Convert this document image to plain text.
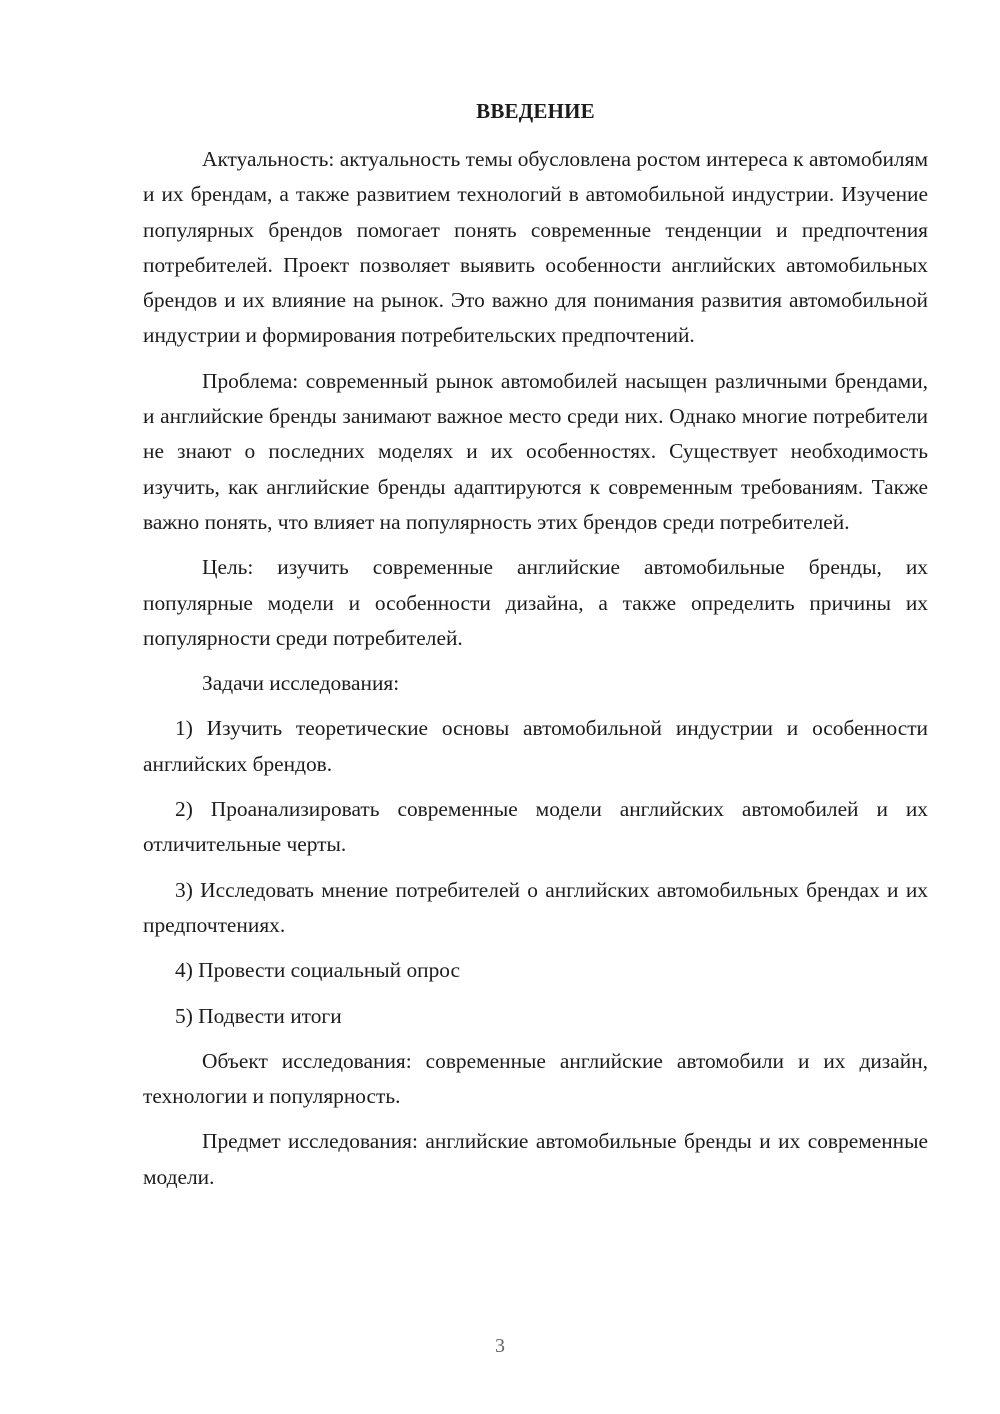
ВВЕДЕНИЕ

Актуальность: актуальность темы обусловлена ростом интереса к автомобилям и их брендам, а также развитием технологий в автомобильной индустрии. Изучение популярных брендов помогает понять современные тенденции и предпочтения потребителей. Проект позволяет выявить особенности английских автомобильных брендов и их влияние на рынок. Это важно для понимания развития автомобильной индустрии и формирования потребительских предпочтений.

Проблема: современный рынок автомобилей насыщен различными брендами, и английские бренды занимают важное место среди них. Однако многие потребители не знают о последних моделях и их особенностях. Существует необходимость изучить, как английские бренды адаптируются к современным требованиям. Также важно понять, что влияет на популярность этих брендов среди потребителей.

Цель: изучить современные английские автомобильные бренды, их популярные модели и особенности дизайна, а также определить причины их популярности среди потребителей.

Задачи исследования:

1) Изучить теоретические основы автомобильной индустрии и особенности английских брендов.

2) Проанализировать современные модели английских автомобилей и их отличительные черты.

3) Исследовать мнение потребителей о английских автомобильных брендах и их предпочтениях.

4) Провести социальный опрос

5) Подвести итоги

Объект исследования: современные английские автомобили и их дизайн, технологии и популярность.

Предмет исследования: английские автомобильные бренды и их современные модели.

3
